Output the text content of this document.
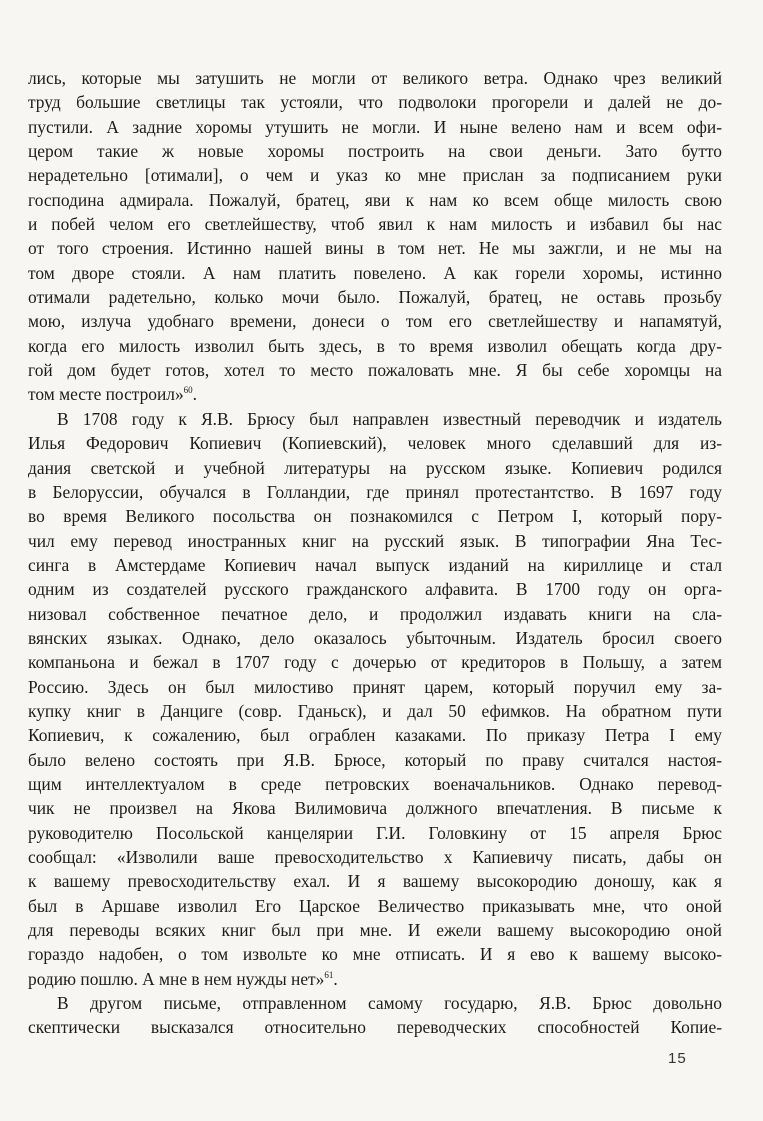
лись, которые мы затушить не могли от великого ветра. Однако чрез великий
труд большие светлицы так устояли, что подволоки прогорели и далей не до-
пустили. А задние хоромы утушить не могли. И ныне велено нам и всем офи-
цером такие ж новые хоромы построить на свои деньги. Зато бутто
нерадетельно [отимали], о чем и указ ко мне прислан за подписанием руки
господина адмирала. Пожалуй, братец, яви к нам ко всем обще милость свою
и побей челом его светлейшеству, чтоб явил к нам милость и избавил бы нас
от того строения. Истинно нашей вины в том нет. Не мы зажгли, и не мы на
том дворе стояли. А нам платить повелено. А как горели хоромы, истинно
отимали радетельно, колько мочи было. Пожалуй, братец, не оставь прозьбу
мою, излуча удобнаго времени, донеси о том его светлейшеству и напамятуй,
когда его милость изволил быть здесь, в то время изволил обещать когда дру-
гой дом будет готов, хотел то место пожаловать мне. Я бы себе хоромцы на
том месте построил»$^{60}$.
В 1708 году к Я.В. Брюсу был направлен известный переводчик и издатель
Илья Федорович Копиевич (Копиевский), человек много сделавший для из-
дания светской и учебной литературы на русском языке. Копиевич родился
в Белоруссии, обучался в Голландии, где принял протестантство. В 1697 году
во время Великого посольства он познакомился с Петром I, который пору-
чил ему перевод иностранных книг на русский язык. В типографии Яна Тес-
синга в Амстердаме Копиевич начал выпуск изданий на кириллице и стал
одним из создателей русского гражданского алфавита. В 1700 году он орга-
низовал собственное печатное дело, и продолжил издавать книги на сла-
вянских языках. Однако, дело оказалось убыточным. Издатель бросил своего
компаньона и бежал в 1707 году с дочерью от кредиторов в Польшу, а затем
Россию. Здесь он был милостиво принят царем, который поручил ему за-
купку книг в Данциге (совр. Гданьск), и дал 50 ефимков. На обратном пути
Копиевич, к сожалению, был ограблен казаками. По приказу Петра I ему
было велено состоять при Я.В. Брюсе, который по праву считался настоя-
щим интеллектуалом в среде петровских военачальников. Однако перевод-
чик не произвел на Якова Вилимовича должного впечатления. В письме к
руководителю Посольской канцелярии Г.И. Головкину от 15 апреля Брюс
сообщал: «Изволили ваше превосходительство х Капиевичу писать, дабы он
к вашему превосходительству ехал. И я вашему высокородию доношу, как я
был в Аршаве изволил Его Царское Величество приказывать мне, что оной
для переводы всяких книг был при мне. И ежели вашему высокородию оной
гораздо надобен, о том извольте ко мне отписать. И я ево к вашему высоко-
родию пошлю. А мне в нем нужды нет»$^{61}$.
В другом письме, отправленном самому государю, Я.В. Брюс довольно
скептически высказался относительно переводческих способностей Копие-
15
